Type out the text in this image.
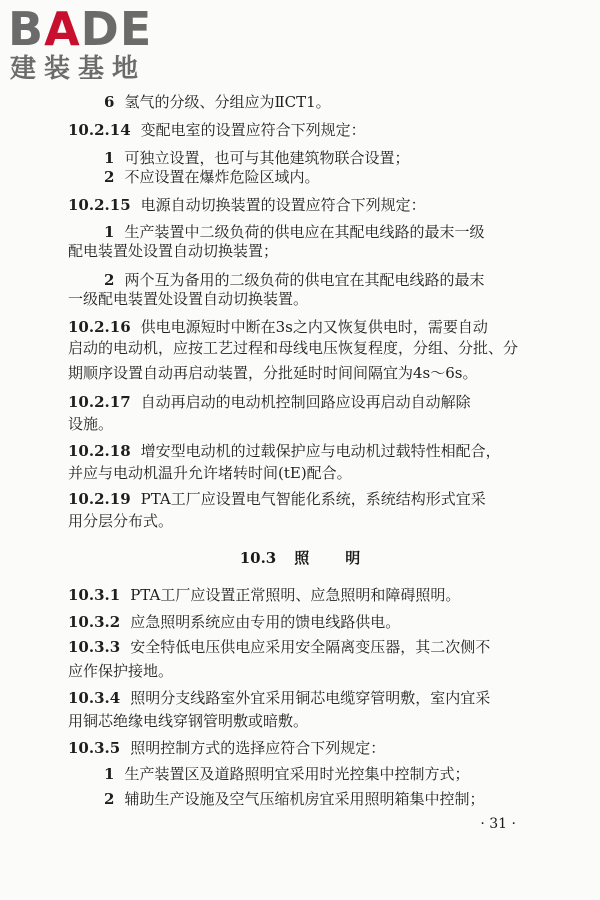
BADE
建装基地
6 氢气的分级、分组应为ⅡCT1。
10.2.14 变配电室的设置应符合下列规定：
1 可独立设置，也可与其他建筑物联合设置；
2 不应设置在爆炸危险区域内。
10.2.15 电源自动切换装置的设置应符合下列规定：
1 生产装置中二级负荷的供电应在其配电线路的最末一级
配电装置处设置自动切换装置；
2 两个互为备用的二级负荷的供电宜在其配电线路的最末
一级配电装置处设置自动切换装置。
10.2.16 供电电源短时中断在3s之内又恢复供电时，需要自动
启动的电动机，应按工艺过程和母线电压恢复程度，分组、分批、分
期顺序设置自动再启动装置，分批延时时间间隔宜为4s～6s。
10.2.17 自动再启动的电动机控制回路应设再启动自动解除
设施。
10.2.18 增安型电动机的过载保护应与电动机过载特性相配合，
并应与电动机温升允许堵转时间(tE)配合。
10.2.19 PTA工厂应设置电气智能化系统，系统结构形式宜采
用分层分布式。
10.3 照 明
10.3.1 PTA工厂应设置正常照明、应急照明和障碍照明。
10.3.2 应急照明系统应由专用的馈电线路供电。
10.3.3 安全特低电压供电应采用安全隔离变压器，其二次侧不
应作保护接地。
10.3.4 照明分支线路室外宜采用铜芯电缆穿管明敷，室内宜采
用铜芯绝缘电线穿钢管明敷或暗敷。
10.3.5 照明控制方式的选择应符合下列规定：
1 生产装置区及道路照明宜采用时光控集中控制方式；
2 辅助生产设施及空气压缩机房宜采用照明箱集中控制；
· 31 ·
